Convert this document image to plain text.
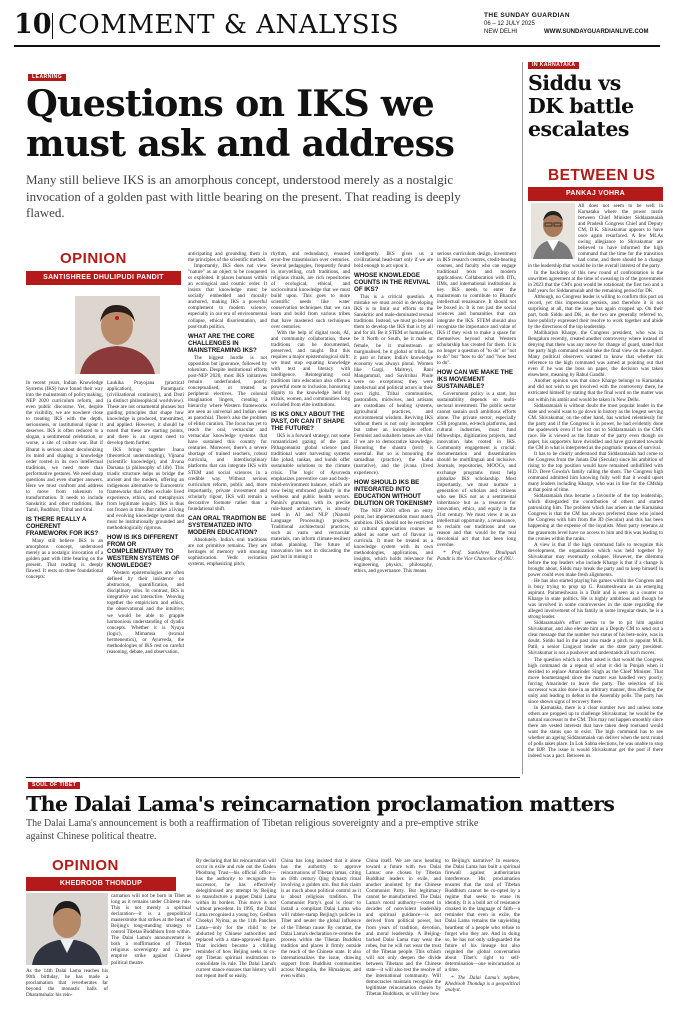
10 COMMENT & ANALYSIS	THE SUNDAY GUARDIAN
06 – 12 JULY 2025
NEW DELHI	WWW.SUNDAYGUARDIANLIVE.COM
LEARNING
Questions on IKS we
must ask and address
Many still believe IKS is an amorphous concept, understood merely as a nostalgic invocation of a golden past with little bearing on the present. That reading is deeply flawed.
OPINION
SANTISHREE DHULIPUDI PANDIT

In recent years, Indian Knowledge Systems (IKS) have found their way into the mainstream of policymaking, NEP 2020 curriculum reform, and even public discourse. Yet, despite the visibility, we are nowhere close to treating IKS with the depth, seriousness, or institutional rigour it deserves. IKS is often reduced to a slogan, a sentimental celebration, or worse, a site of culture war. But if Bharat is serious about decolonizing its mind and shaping a knowledge order rooted in its own intellectual traditions, we need more than performative gestures. We need sharp questions and even sharper answers. Here we must confront and address to move from tokenism to transformation. It needs to include Sanskritic and other traditions, like Tamil, Buddhist, Tribal and Oral.

IS THERE REALLY A COHERENT FRAMEWORK FOR IKS?

Many still believe IKS is an amorphous concept, understood merely as a nostalgic invocation of a golden past with little bearing on the present. That reading is deeply flawed. It rests on three foundational concepts:

Laukika Prayojana (practical application), Paramparic (civilizational continuity), and Drsti (a distinct philosophical worldview). These are not ornamental phrases but guiding principles that shape how knowledge is produced, transmitted, and applied. However, it should be noted that these are starting points, and there is an urgent need to develop them further.

IKS brings together Jnana (theoretical understanding), Vijnana (scientific knowledge), and Jivana Darsana (a philosophy of life). This triadic structure helps us bridge the ancient and the modern, offering an indigenous alternative to Eurocentric frameworks that often exclude lived experience, ethics, and metaphysics from legitimate inquiry. IKS is thus not frozen in time. But rather a living and evolving knowledge system that must be institutionally grounded and methodologically rigorous.

HOW IS IKS DIFFERENT FROM OR COMPLEMENTARY TO WESTERN SYSTEMS OF KNOWLEDGE?

Western epistemologies are often defined by their insistence on abstraction, quantification, and disciplinary silos. In contrast, IKS is integrative and interactive. Weaving together the empiricism and ethics, the observational and the intuitive; we would be able to grapple harmonious understanding of dyadic concepts. Whether it is Nyaya (logic), Mimamsa (textual hermeneutics), or Ayurveda, the methodologies of IKS rest on careful reasoning, debate, and observation,

anticipating and grounding them in the principles of the scientific method.

Importantly, IKS does not view "nature" as an object to be conquered or exploited. It places humans within an ecological and cosmic order. It insists that knowledge must be socially embedded and morally anchored, making IKS a powerful complement to modern science, especially in our era of environmental collapse, ethical disorientation, and post-truth politics.

WHAT ARE THE CORE CHALLENGES IN MAINSTREAMING IKS?

The biggest hurdle is not opposition but ignorance, followed by tokenism. Despite institutional efforts post-NEP 2020, most IKS initiatives remain underfunded, poorly conceptualised, or treated as peripheral electives. The colonial imagination lingers, creating a hierarchy where Western frameworks are seen as universal and Indian ones as parochial. There's also the problem of elitist curation. The focus has yet to reach the oral, vernacular and vernacular knowledge systems that have sustained this country for centuries. Moreover, there's a severe shortage of trained teachers, robust curricula, and interdisciplinary platforms that can integrate IKS with STEM and social sciences in a credible way. Without serious curriculum reform, public and, more importantly, private investment and scholarly rigour, IKS will remain a decorative footnote rather than a foundational shift.

CAN ORAL TRADITION BE SYSTEMATIZED INTO MODERN EDUCATION?

Absolutely. India's oral traditions are not primitive remains. They are heritages of memory with stunning sophistication. Vedic recitation systems, emphasizing pitch,

rhythm, and redundancy, ensured error-free transmission over centuries. Several pedagogies, frequently found in storytelling, craft traditions, and religious rituals, are rich repositories of ecological, ethical, and sociocultural knowledge that we must build upon. This goes to more scientific needs like water conservation techniques that we can learn and build from various tribes that have mastered such techniques over centuries.

With the help of digital tools, AI, and community collaboration, these traditions can be documented, preserved, and taught. But this requires a major epistemological shift: we must stop equating knowledge with text and literacy with intelligence. Reintegrating oral traditions into education also offers a powerful route to inclusion, honouring dignity to the knowledge held by tribals, women, and communities long excluded from elite institutions.

IS IKS ONLY ABOUT THE PAST, OR CAN IT SHAPE THE FUTURE?

IKS is a forward strategy, not some romanticized gazing of the past. Pithagoreanist global science (and traditional water harvesting systems like johad, tankas, and kunds offer sustainable solutions to the climate crisis. The logic of Ayurveda emphasizes preventive care and body-mind-environment balance, which are now being embraced globally in the wellness and public health sectors. Panini's grammar, with its precise rule-based architecture, is already used in AI and NLP (Natural Language Processing) projects. Traditional architectural practices, such as vastu and vernacular materials, can inform climate-resilient urban planning. The future of innovation lies not in discarding the past but in mining it

intelligently. IKS gives us a civilizational head-start only if we are bold enough to act upon it.

WHOSE KNOWLEDGE COUNTS IN THE REVIVAL OF IKS?

This is a critical question. A mistake we must avoid in developing IKS is to limit our efforts to the Sanskritic and male-dominated textual traditions. Instead, we must go beyond them to develop the IKS that is by all and for all. Be it STEM or humanities, be it North or South, be it male or female, be it mainstream or marginalised, be it global or tribal, be it past or future; India's knowledge economy was always plural. Women like Gargi, Maitreyi, Rani Mangammal, and Savitribai Phule were no exceptions; they were intellectual and political actors in their own right. Tribal communities, pastoralists, midwives, and artisans are custodians of healing systems, agricultural practices, and environmental wisdom. Reviving IKS without them is not only incomplete but rather an incomplete effort. Feminist and subaltern lenses are vital if we are to democratize knowledge. Honoring the shastra (text) is essential. But so is honouring the samadhan (practice), the katha (narrative), and the jivana (lived experience).

HOW SHOULD IKS BE INTEGRATED INTO EDUCATION WITHOUT DILUTION OR TOKENISM?

The NEP 2020 offers an entry point, but implementation must match ambition. IKS should not be restricted to cultural appreciation courses or added as some sort of flavour in curricula. It must be treated as a knowledge system with its own methodologies, applications, and insights, which holds relevance for engineering, physics, philosophy, ethics, and governance. This means

serious curriculum design, investment in IKS research centres, credit-bearing courses, and faculty who can engage traditional texts and modern applications. Collaboration with IITs, IIMs, and international institutions is key. IKS needs to enter the mainstream to contribute to Bharat's intellectual renaissance. It should not be boxed in. It is not just the social sciences and humanities that can integrate the IKS. STEM should also recognize the importance and value of IKS if they wish to make a space for themselves beyond what Western scholarship has created for them. It is no longer a question of "to do" or "not to do" but "how to do" and "how best to do".

HOW CAN WE MAKE THE IKS MOVEMENT SUSTAINABLE?

Government policy is a start, but sustainability depends on multi-sectoral investment. The public sector cannot sustain such ambitious efforts alone. The private sector, especially CSR programs, ed-tech platforms, and cultural industries, must fund fellowships, digitization projects, and innovation labs rooted in IKS. Community engagement is crucial: documentation and dissemination should be multilingual and inclusive. Journals, repositories, MOOCs, and exchange programs must help globalize IKS scholarship. Most importantly, we must nurture a generation of scholars and citizens who see IKS not as a sentimental inheritance but as a resource for innovation, ethics, and equity in the 21st century. We must view it as an intellectual opportunity, a renaissance, to reclaim our traditions and use reason and that would be the real decolonial act that has been long overdue.

* Prof. Santishree Dhulipudi Pandit is the Vice Chancellor of JNU.

IN KARNATAKA
Siddu vs
DK battle
escalates
BETWEEN US
PANKAJ VOHRA

All does not seem to be well in Karnataka where the power tussle between Chief Minister Siddaramaiah and Pradesh Congress Chief and Deputy CM, D.K. Shivakumar appears to have once again resurfaced. A few MLAs owing allegiance to Shivakumar are believed to have informed the high command that the time for the transition had come, and there should be a change in the leadership that would be in the overall interest of the party.

In the backdrop of this new round of confrontation is the unwritten agreement at the time of swearing in of the government in 2023 that the CM's post would be rotational; the first two and a half years for Siddaramaiah and the remaining period for DK.

Although, no Congress leader is willing to confirm this pact on record, yet this impression persists, and therefore it is not surprising at all, that the issue has again cropped up. On their part, both Siddu and DK, as the two are generally referred to, have publicly expressed their resolve to work together and abide by the directions of the top leadership.

Mallikarjun Kharge, the Congress president, who was in Bengaluru recently, created another controversy where instead of denying that there was any move for change of guard, stated that the party high command would take the final view on the subject. Many political observers wanted to know that whether his reference to the high command was aimed at pointing out that even if he was the boss on paper, the decision was taken elsewhere, meaning by Rahul Gandhi.

Another opinion was that since Kharge belongs to Karnataka and did not wish to get involved with the controversy there, he extricated himself by stating that the final word on the matter was not within his ambit and would be taken in New Delhi.

Siddaramaiah is without doubt the most popular leader in the state and would want to go down in history as the longest serving CM. Shivakumar, on the other hand, has worked relentlessly for the party and if the Congress is in power, he had evidently done the spadework even if he lost out to Siddaramaiah in the CM's race. He is viewed as the future of the party even though on paper, his supporters have dwindled and have gravitated towards the CM in what is interpreted as the pragmatic means of survival.

It has to be clearly understood that Siddaramaiah had come to the Congress from the Janata Dal (Secular) since his ambition of rising to the top position would have remained unfulfilled with H.D. Deve Gowda's family calling the shots. The Congress high command admitted him knowing fully well that it would upset many leaders including Kharge, who was in line for the CMship at that point of time.

Siddaramaiah thus became a favourite of the top leadership, which disregarded the contribution of others and started patronizing him. The problem which has arisen in the Karnataka Congress is that the CM has always preferred those who joined the Congress with him from the JD (Secular) and this has been happening at the expense of the loyalists. Most party veterans at the grassroots level have no access to him and this was leading to the cronies within the ranks.

A view is that if the high command fails to recognize this development, the organization which was held together by Shivakumar may eventually collapse. However, the dilemma before the top leaders who include Kharge is that if a change is brought about, Siddu may break the party and to keep himself in power could even make fresh alignments.

He has also started playing his games within the Congress and is busy trying to prop up G. Parameshwara as an emerging aspirant. Parameshwara is a Dalit and is seen as a counter to Kharge in state politics. He is highly ambitious and though he was involved in some controversies in the state regarding the alleged involvement of his family in some irregular deals, he is a strong leader.

Siddaramaiah's effort seems to be to pit him against Shivakumar, and also elevate him as a Deputy CM to send out a clear message that the number two status of his bete-noire, was in doubt. Siddu had in the past also made a pitch to appoint M.B. Patil, a senior Lingayat leader as the state party president. Shivakumar is not a pushover and understands all such moves.

The question which is often asked is that would the Congress high command do a repeat of what it did in Punjab when it decided to replace Amarinder Singh as the Chief Minister. That move boomeranged since the matter was handled very poorly, forcing Amarinder to leave the party. The selection of his successor was also done in an arbitrary manner, thus affecting the unity and leading to defeat in the Assembly polls. The party has since shown signs of recovery there.

In Karnataka, there is a clear number two and unless some others are propped up to challenge Shivakumar, he would be the natural successor to the CM. This may not happen smoothly since there are vested interests that have taken deep rootsand would want the status quo to exist. The high command has to see whether an ageing Siddaramaiah can deliver when the next round of polls takes place. In Lok Sabha elections, he was unable to stop the BJP. The issue is would Shivakumar get the post if there indeed was a pact. Between us.

SOUL OF TIBET
The Dalai Lama's reincarnation proclamation matters
The Dalai Lama's announcement is both a reaffirmation of Tibetan religious sovereignty and a pre-emptive strike against Chinese political theatre.
OPINION
KHEDROOB THONDUP
As the 14th Dalai Lama reaches his 90th birthday, he has made a proclamation that reverberates far beyond the monastic halls of Dharamshala: his rein-
carnation will not be born in Tibet as long as it remains under Chinese rule. This is not merely a spiritual declaration—it is a geopolitical masterstroke that strikes at the heart of Beijing's long-standing strategy to control Tibetan Buddhism from within. The Dalai Lama's announcement is both a reaffirmation of Tibetan religious sovereignty and a pre-emptive strike against Chinese political theatre.
By declaring that his reincarnation will occur in exile and rule out the Gaden Phodrang Trust—his official office—has the authority to recognize his successor, he has effectively delegitimised any attempt by Beijing to manufacture a puppet Dalai Lama within its borders. This move is not without precedent. In 1995, the Dalai Lama recognised a young boy, Gedhun Choekyi Nyima, as the 11th Panchen Lama—only for the child to be abducted by Chinese authorities and replaced with a state-approved figure. That incident became a chilling reminder of how Beijing seeks to co-opt Tibetan spiritual institutions to consolidate its rule. The Dalai Lama's current stance ensures that history will not repeat itself so easily.
China has long insisted that it alone has the authority to approve reincarnations of Tibetan lamas, citing an 18th century Qing dynasty ritual involving a golden urn. But this claim is as much about political control as it is about religious tradition. The Communist Party's goal is clear: to install a compliant Dalai Lama who will rubber-stamp Beijing's policies in Tibet and neuter the global influence of the Tibetan cause. By contrast, the Dalai Lama's declaration re-centres the process within the Tibetan Buddhist tradition and places it firmly outside the reach of the Chinese state. It also internationalizes the issue, drawing support from Buddhist communities across Mongolia, the Himalayas, and even within
China itself. We are now heading toward a future with two Dalai Lamas: one chosen by Tibetan Buddhist leaders in exile, and another anointed by the Chinese Communist Party. But legitimacy cannot be manufactured. The Dalai Lama's moral authority—rooted in decades of nonviolent leadership and spiritual guidance—is not derived from political power, but from years of tradition, devotion, and moral leadership. A Beijing-backed Dalai Lama may wear the robes, but he will not wear the trust of the Tibetan people. This schism will not only deepen the divide between Tibetans and the Chinese state—it will also test the resolve of the international community. Will democracies maintain recognize the legitimate reincarnation chosen by Tibetan Buddhists, or will they bow

to Beijing's narrative? In essence, the Dalai Lama has built a spiritual firewall against authoritarian interference. His proclamation ensures that the soul of Tibetan Buddhism cannot be co-opted by a regime that seeks to erase its identity. It is a bold act of resistance cloaked in the language of faith—a reminder that even in exile, the Dalai Lama remains the unyielding heartbeat of a people who refuse to forget who they are. And in doing so, he has not only safeguarded the future of his lineage but also reignited the global conversation about Tibet's right to self-determination—one reincarnation at a time.

* The Dalai Lama's nephew, Khedroob Thondup is a geopolitical analyst.
